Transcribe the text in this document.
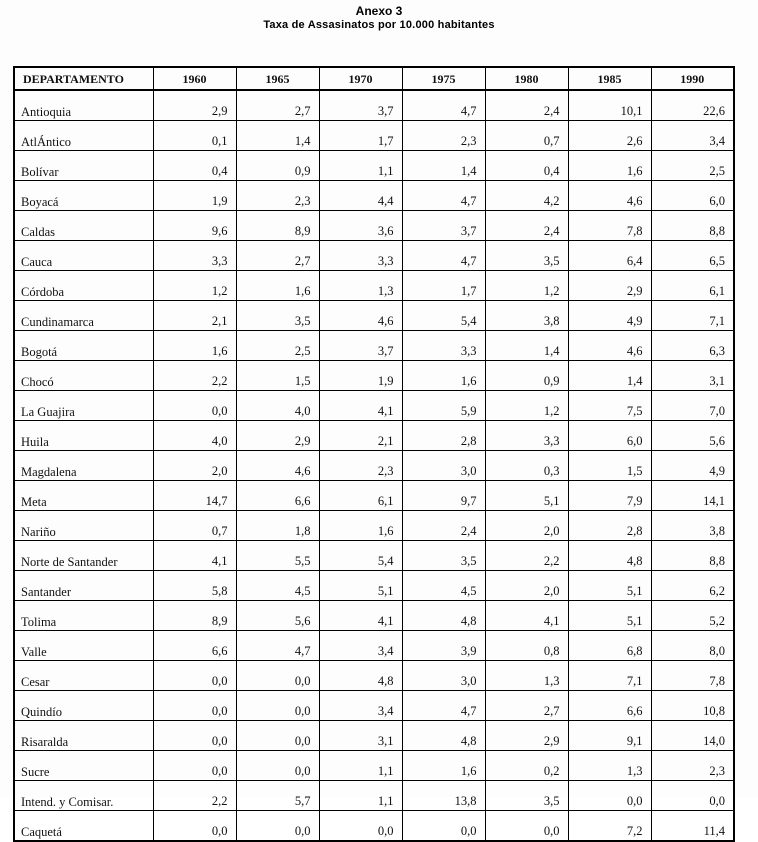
Anexo 3
Taxa de Assasinatos por 10.000 habitantes
DEPARTAMENTO	1960	1965	1970	1975	1980	1985	1990
Antioquia	2,9	2,7	3,7	4,7	2,4	10,1	22,6
AtlÁntico	0,1	1,4	1,7	2,3	0,7	2,6	3,4
Bolívar	0,4	0,9	1,1	1,4	0,4	1,6	2,5
Boyacá	1,9	2,3	4,4	4,7	4,2	4,6	6,0
Caldas	9,6	8,9	3,6	3,7	2,4	7,8	8,8
Cauca	3,3	2,7	3,3	4,7	3,5	6,4	6,5
Córdoba	1,2	1,6	1,3	1,7	1,2	2,9	6,1
Cundinamarca	2,1	3,5	4,6	5,4	3,8	4,9	7,1
Bogotá	1,6	2,5	3,7	3,3	1,4	4,6	6,3
Chocó	2,2	1,5	1,9	1,6	0,9	1,4	3,1
La Guajira	0,0	4,0	4,1	5,9	1,2	7,5	7,0
Huila	4,0	2,9	2,1	2,8	3,3	6,0	5,6
Magdalena	2,0	4,6	2,3	3,0	0,3	1,5	4,9
Meta	14,7	6,6	6,1	9,7	5,1	7,9	14,1
Nariño	0,7	1,8	1,6	2,4	2,0	2,8	3,8
Norte de Santander	4,1	5,5	5,4	3,5	2,2	4,8	8,8
Santander	5,8	4,5	5,1	4,5	2,0	5,1	6,2
Tolima	8,9	5,6	4,1	4,8	4,1	5,1	5,2
Valle	6,6	4,7	3,4	3,9	0,8	6,8	8,0
Cesar	0,0	0,0	4,8	3,0	1,3	7,1	7,8
Quindío	0,0	0,0	3,4	4,7	2,7	6,6	10,8
Risaralda	0,0	0,0	3,1	4,8	2,9	9,1	14,0
Sucre	0,0	0,0	1,1	1,6	0,2	1,3	2,3
Intend. y Comisar.	2,2	5,7	1,1	13,8	3,5	0,0	0,0
Caquetá	0,0	0,0	0,0	0,0	0,0	7,2	11,4
